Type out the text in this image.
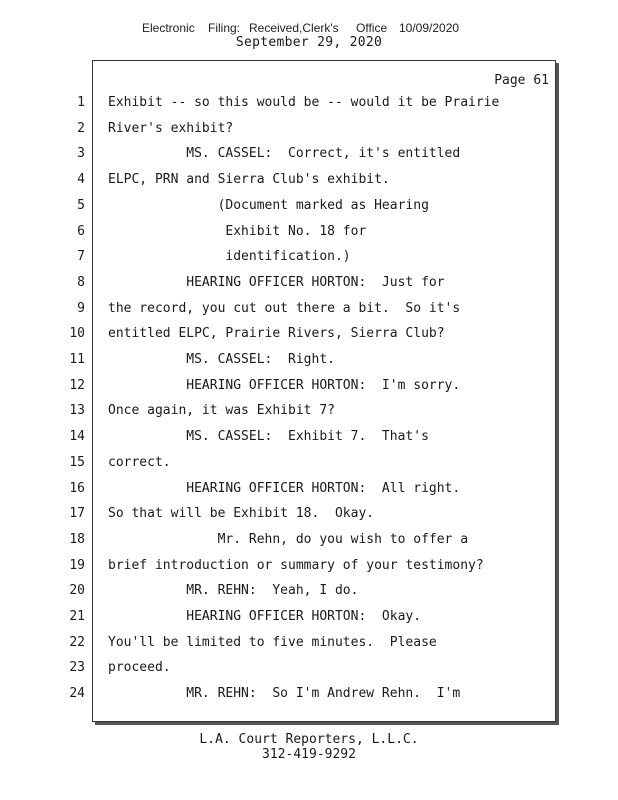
Electronic Filing: Received,Clerk's Office 10/09/2020
September 29, 2020
Page 61
1 Exhibit -- so this would be -- would it be Prairie
2 River's exhibit?
3 MS. CASSEL:  Correct, it's entitled
4 ELPC, PRN and Sierra Club's exhibit.
5 (Document marked as Hearing
6 Exhibit No. 18 for
7 identification.)
8 HEARING OFFICER HORTON:  Just for
9 the record, you cut out there a bit.  So it's
10 entitled ELPC, Prairie Rivers, Sierra Club?
11 MS. CASSEL:  Right.
12 HEARING OFFICER HORTON:  I'm sorry.
13 Once again, it was Exhibit 7?
14 MS. CASSEL:  Exhibit 7.  That's
15 correct.
16 HEARING OFFICER HORTON:  All right.
17 So that will be Exhibit 18.  Okay.
18 Mr. Rehn, do you wish to offer a
19 brief introduction or summary of your testimony?
20 MR. REHN:  Yeah, I do.
21 HEARING OFFICER HORTON:  Okay.
22 You'll be limited to five minutes.  Please
23 proceed.
24 MR. REHN:  So I'm Andrew Rehn.  I'm
L.A. Court Reporters, L.L.C.
312-419-9292
